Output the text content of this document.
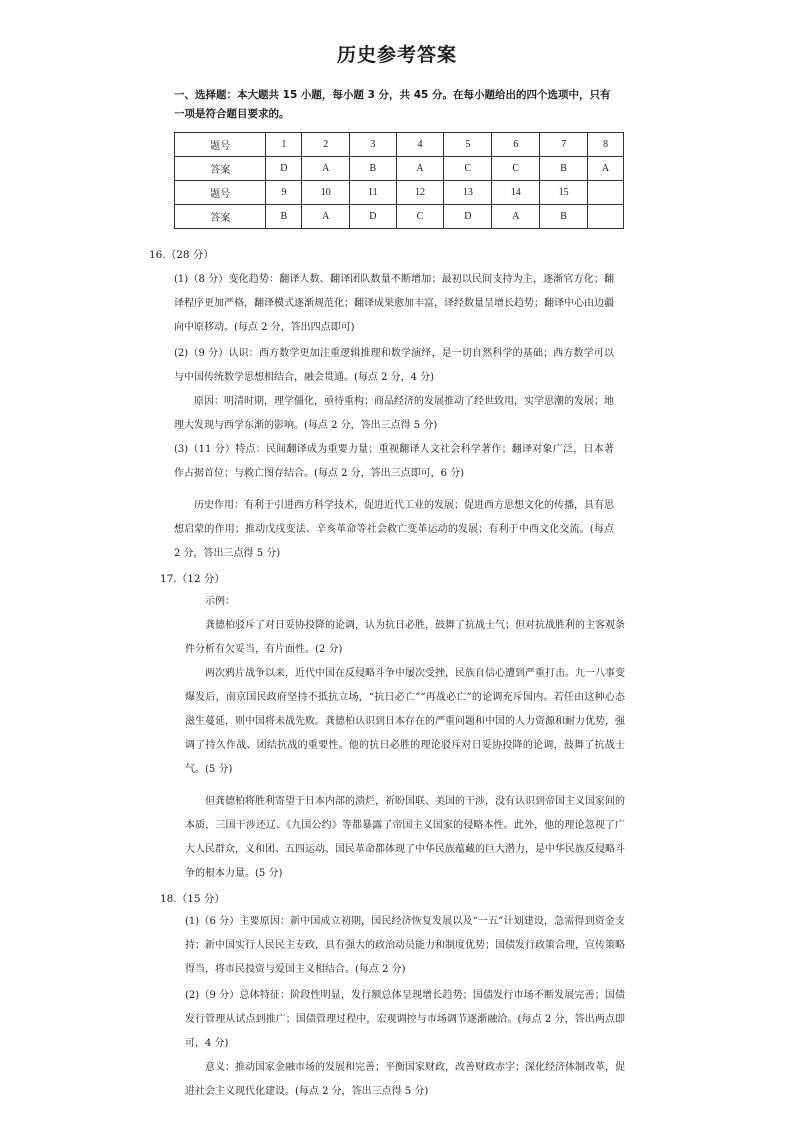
历史参考答案
一、选择题：本大题共 15 小题，每小题 3 分，共 45 分。在每小题给出的四个选项中，只有
一项是符合题目要求的。
题号	1	2	3	4	5	6	7	8
答案	D	A	B	A	C	C	B	A
题号	9	10	11	12	13	14	15	
答案	B	A	D	C	D	A	B	
16.（28 分）
(1)（8 分）变化趋势：翻译人数、翻译团队数量不断增加；最初以民间支持为主，逐渐官方化；翻译程序更加严格，翻译模式逐渐规范化；翻译成果愈加丰富，译经数量呈增长趋势；翻译中心由边疆向中原移动。(每点 2 分，答出四点即可)
(2)（9 分）认识：西方数学更加注重逻辑推理和数学演绎，是一切自然科学的基础；西方数学可以与中国传统数学思想相结合，融会贯通。(每点 2 分，4 分)
原因：明清时期，理学僵化，亟待重构；商品经济的发展推动了经世致用，实学思潮的发展；地理大发现与西学东渐的影响。(每点 2 分，答出三点得 5 分)
(3)（11 分）特点：民间翻译成为重要力量；重视翻译人文社会科学著作；翻译对象广泛，日本著作占据首位；与救亡图存结合。(每点 2 分，答出三点即可，6 分)
历史作用：有利于引进西方科学技术，促进近代工业的发展；促进西方思想文化的传播，具有思想启蒙的作用；推动戊戌变法、辛亥革命等社会救亡变革运动的发展；有利于中西文化交流。(每点 2 分，答出三点得 5 分)
17.（12 分）
示例：
龚德柏驳斥了对日妥协投降的论调，认为抗日必胜，鼓舞了抗战士气；但对抗战胜利的主客观条件分析有欠妥当，有片面性。(2 分)
两次鸦片战争以来，近代中国在反侵略斗争中屡次受挫，民族自信心遭到严重打击。九一八事变爆发后，南京国民政府坚持不抵抗立场，“抗日必亡”“再战必亡”的论调充斥国内。若任由这种心态滋生蔓延，则中国将未战先败。龚德柏认识到日本存在的严重问题和中国的人力资源和耐力优势，强调了持久作战、团结抗战的重要性。他的抗日必胜的理论驳斥对日妥协投降的论调，鼓舞了抗战士气。(5 分)
但龚德柏将胜利寄望于日本内部的溃烂，祈盼国联、美国的干涉，没有认识到帝国主义国家间的本质，三国干涉还辽、《九国公约》等都暴露了帝国主义国家的侵略本性。此外，他的理论忽视了广大人民群众，义和团、五四运动、国民革命都体现了中华民族蕴藏的巨大潜力，是中华民族反侵略斗争的根本力量。(5 分)
18.（15 分）
(1)（6 分）主要原因：新中国成立初期，国民经济恢复发展以及“一五”计划建设，急需得到资金支持；新中国实行人民民主专政，具有强大的政治动员能力和制度优势；国债发行政策合理，宣传策略得当，将市民投资与爱国主义相结合。(每点 2 分)
(2)（9 分）总体特征：阶段性明显，发行额总体呈现增长趋势；国债发行市场不断发展完善；国债发行管理从试点到推广；国债管理过程中，宏观调控与市场调节逐渐融洽。(每点 2 分，答出两点即可，4 分)
意义：推动国家金融市场的发展和完善；平衡国家财政，改善财政赤字；深化经济体制改革，促进社会主义现代化建设。(每点 2 分，答出三点得 5 分)
